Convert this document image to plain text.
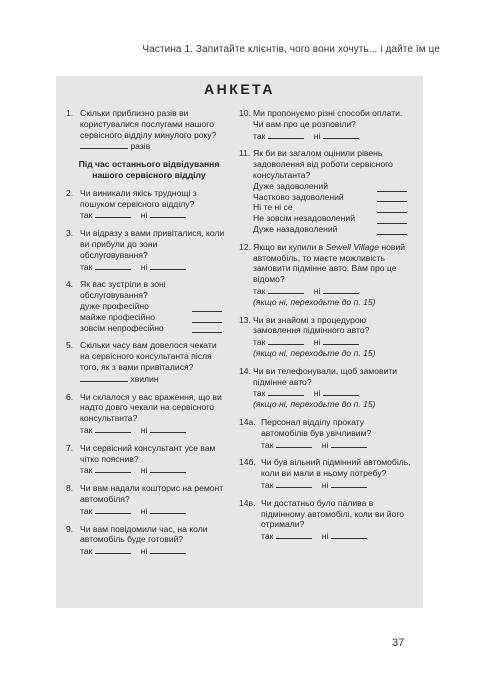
Частина 1. Запитайте клієнтів, чого вони хочуть... і дайте їм це
АНКЕТА
1. Скільки приблизно разів ви користувалися послугами нашого сервісного відділу минулого року?
разів
Під час останнього відвідування нашого сервісного відділу
2. Чи виникали якісь труднощі з пошуком сервісного відділу?
так	ні
3. Чи відразу з вами привіталися, коли ви прибули до зони обслуговування?
так	ні
4. Як вас зустріли в зоні обслуговування?
дуже професійно
майже професійно
зовсім непрофесійно
5. Скільки часу вам довелося чекати на сервісного консультанта після того, як з вами привіталися?
хвилин
6. Чи склалося у вас враження, що ви надто довго чекали на сервісного консультанта?
так	ні
7. Чи сервісний консультант усе вам чітко пояснив?
так	ні
8. Чи вам надали кошторис на ремонт автомобіля?
так	ні
9. Чи вам повідомили час, на коли автомобіль буде готовий?
так	ні
10. Ми пропонуємо різні способи оплати. Чи вам про це розповіли?
так	ні
11. Як би ви загалом оцінили рівень задоволення від роботи сервісного консультанта?
Дуже задоволений
Частково задоволений
Ні те ні се
Не зовсім незадоволений
Дуже назадоволений
12. Якщо ви купили в Sewell Village новий автомобіль, то маєте можливість замовити підмінне авто. Вам про це відомо?
так	ні
(якщо ні, переходьте до п. 15)
13. Чи ви знайомі з процедурою замовлення підмінного авто?
так	ні
(якщо ні, переходьте до п. 15)
14. Чи ви телефонували, щоб замовити підмінне авто?
так	ні
(якщо ні, переходьте до п. 15)
14а. Персонал відділу прокату автомобілів був увічливим?
так	ні
14б. Чи був вільний підмінний автомобіль, коли ви мали в ньому потребу?
так	ні
14в. Чи достатньо було палива в підмінному автомобілі, коли ви його отримали?
так	ні
37
